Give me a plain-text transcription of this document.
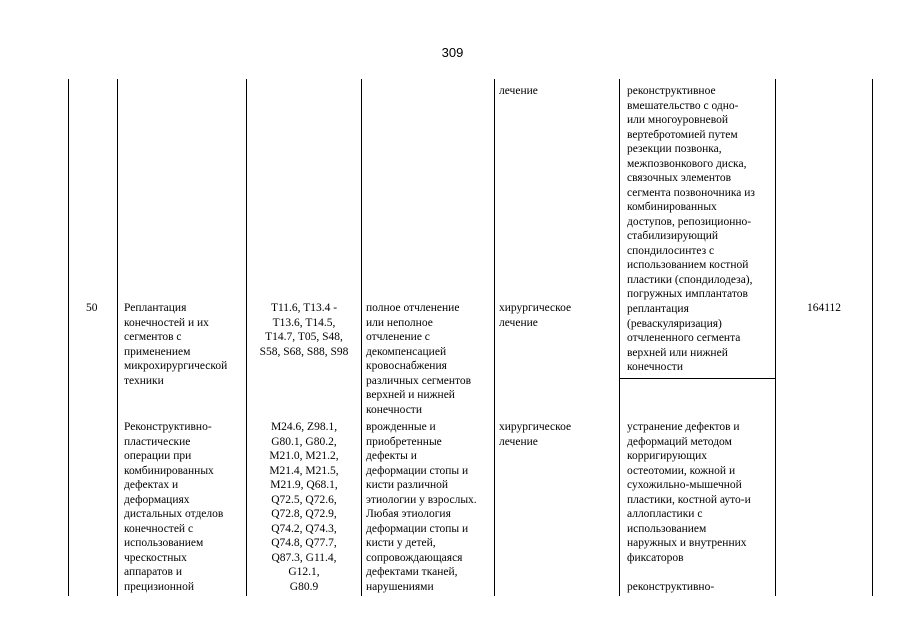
309
лечение	реконструктивное
вмешательство с одно-
или многоуровневой
вертебротомией путем
резекции позвонка,
межпозвонкового диска,
связочных элементов
сегмента позвоночника из
комбинированных
доступов, репозиционно-
стабилизирующий
спондилосинтез с
использованием костной
пластики (спондилодеза),
погружных имплантатов
50 Реплантация
конечностей и их
сегментов с
применением
микрохирургической
техники
T11.6, T13.4 -
T13.6, T14.5,
T14.7, T05, S48,
S58, S68, S88, S98
полное отчленение
или неполное
отчленение с
декомпенсацией
кровоснабжения
различных сегментов
верхней и нижней
конечности
хирургическое
лечение
реплантация
(реваскуляризация)
отчлененного сегмента
верхней или нижней
конечности
164112
Реконструктивно-
пластические
операции при
комбинированных
дефектах и
деформациях
дистальных отделов
конечностей с
использованием
чрескостных
аппаратов и
прецизионной
M24.6, Z98.1,
G80.1, G80.2,
M21.0, M21.2,
M21.4, M21.5,
M21.9, Q68.1,
Q72.5, Q72.6,
Q72.8, Q72.9,
Q74.2, Q74.3,
Q74.8, Q77.7,
Q87.3, G11.4,
G12.1,
G80.9
врожденные и
приобретенные
дефекты и
деформации стопы и
кисти различной
этиологии у взрослых.
Любая этиология
деформации стопы и
кисти у детей,
сопровождающаяся
дефектами тканей,
нарушениями
хирургическое
лечение
устранение дефектов и
деформаций методом
корригирующих
остеотомии, кожной и
сухожильно-мышечной
пластики, костной ауто-и
аллопластики с
использованием
наружных и внутренних
фиксаторов
реконструктивно-
